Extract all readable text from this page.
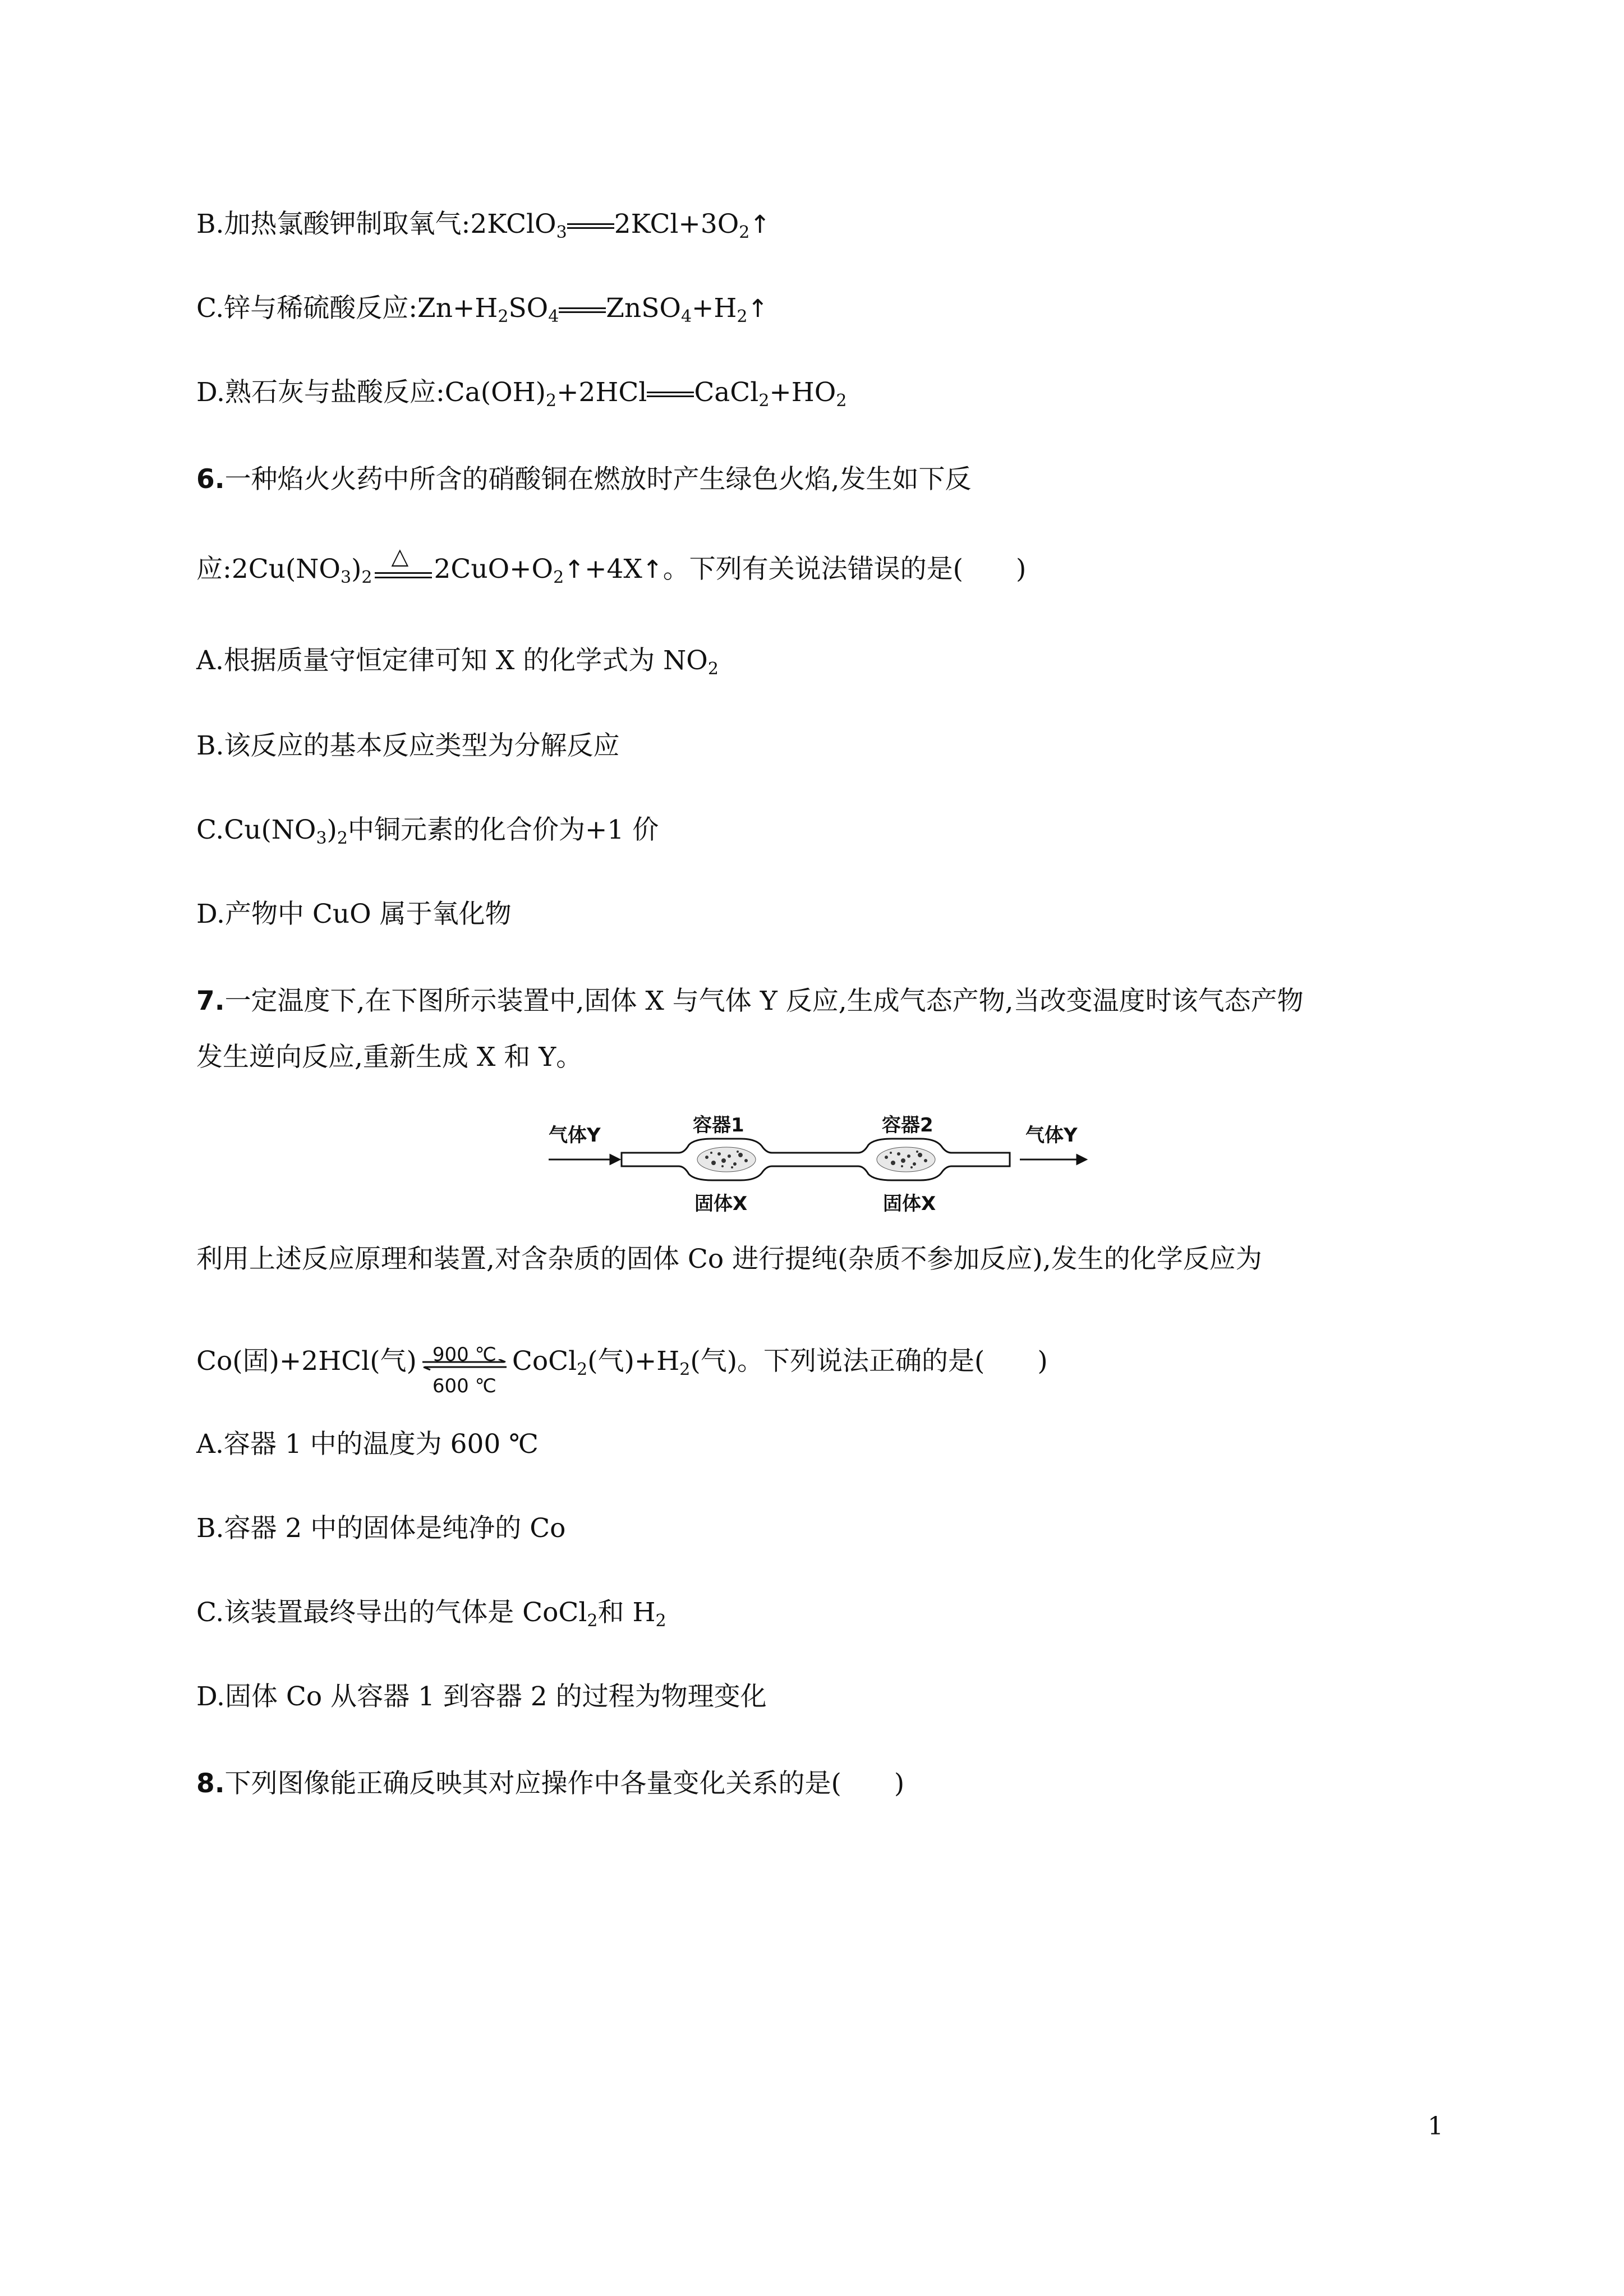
B.加热氯酸钾制取氧气:2KClO$_3$ $2KCl+3O_2↑$
C.锌与稀硫酸反应$:Zn+H_2SO_4$ $ZnSO_4+H_2↑$
D.熟石灰与盐酸反应$:Ca(OH)_2+2HCl$ $CaCl_2+HO_2$
6.一种焰火火药中所含的硝酸铜在燃放时产生绿色火焰,发生如下反
应$:2Cu(NO_3)_2$
△ $2CuO+O_2↑+4X↑$。下列有关说法错误的是(　　)
A.根据质量守恒定律可知 X 的化学式为 $NO_2$
B.该反应的基本反应类型为分解反应
$C.Cu(NO_3)_2$中铜元素的化合价为+1 价
D.产物中 CuO 属于氧化物
7.一定温度下,在下图所示装置中,固体 X 与气体 Y 反应,生成气态产物,当改变温度时该气态产物
发生逆向反应,重新生成 X 和 Y。
气体Y	气体Y
容器1	容器2
固体X	固体X
利用上述反应原理和装置,对含杂质的固体 Co 进行提纯(杂质不参加反应),发生的化学反应为
Co(固)+2HCl(气) 900 ℃
600 ℃
CoCl$_2$(气)$+H_2$(气)。下列说法正确的是(　　)
A.容器 1 中的温度为 600 ℃
B.容器 2 中的固体是纯净的 Co
C.该装置最终导出的气体是 CoCl$_2$和 $H_2$
D.固体 Co 从容器 1 到容器 2 的过程为物理变化
8.下列图像能正确反映其对应操作中各量变化关系的是(　　)
1
